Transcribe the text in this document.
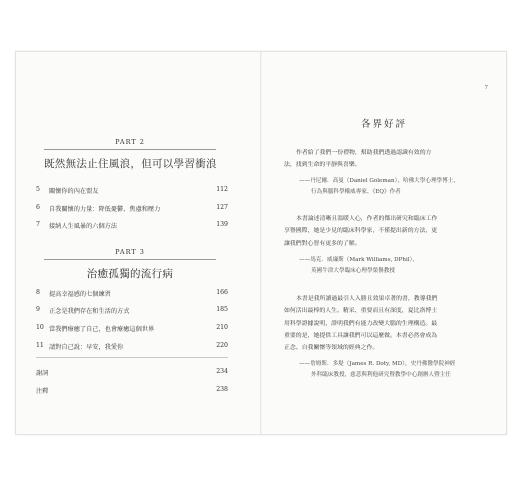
PART 2
既然無法止住風浪，但可以學習衝浪
5 關懷你的內在盟友	112
6 自我關懷的力量：降低憂鬱、焦慮和壓力	127
7 接納人生風暴的六個方法	139
PART 3
治癒孤獨的流行病
8 提高幸福感的七個練習	166
9 正念是我們存在和生活的方式	185
10 當我們療癒了自己，也會療癒這個世界	210
11 請對自己說：早安，我愛你	220
謝詞	234
注釋	238
7
各界好評
作者給了我們一份禮物，幫助我們透過認識有效的方
法，找到生命的平靜與喜樂。
——丹尼爾．高曼（Daniel Goleman），哈佛大學心理學博士，
行為與腦科學權威專家，《EQ》作者
本書論述清晰且溫暖人心，作者的傑出研究和臨床工作
享譽國際，她是少見的臨床科學家，不僅提出新的方法，更
讓我們對心智有更多的了解。
——馬克．威廉斯（Mark Williams, DPhil），
英國牛津大學臨床心理學榮譽教授
本書是我所讀過最引人入勝且效果卓著的書，教導我們
如何活出最棒的人生。精采、重要而且有深度，夏比洛博士
用科學證據說明，證明我們有能力改變大腦的生理構造。最
重要的是，她提供工具讓我們可以這麼做。本書必然會成為
正念、自我關懷等領域的經典之作。
——詹姆斯．多堤（James R. Doty, MD），史丹佛醫學院神經
外科臨床教授，慈悲與利他研究暨教學中心創辦人暨主任
